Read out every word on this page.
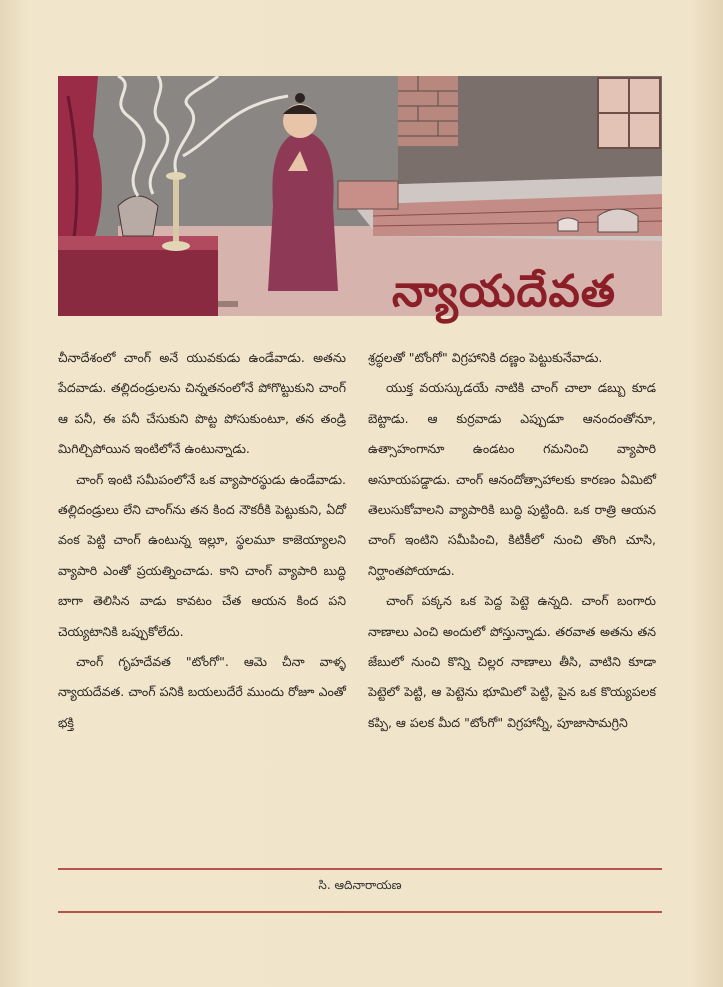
న్యాయదేవత

చీనాదేశంలో చాంగ్ అనే యువకుడు ఉండేవాడు. అతను పేదవాడు. తల్లిదండ్రులను చిన్నతనంలోనే పోగొట్టుకుని చాంగ్ ఆ పనీ, ఈ పనీ చేసుకుని పొట్ట పోసుకుంటూ, తన తండ్రి మిగిల్చిపోయిన ఇంటిలోనే ఉంటున్నాడు.

చాంగ్ ఇంటి సమీపంలోనే ఒక వ్యాపారస్థుడు ఉండేవాడు. తల్లిదండ్రులు లేని చాంగ్‌ను తన కింద నౌకరీకి పెట్టుకుని, ఏదో వంక పెట్టి చాంగ్ ఉంటున్న ఇల్లూ, స్థలమూ కాజెయ్యాలని వ్యాపారి ఎంతో ప్రయత్నించాడు. కాని చాంగ్ వ్యాపారి బుద్ధి బాగా తెలిసిన వాడు కావటం చేత ఆయన కింద పని చెయ్యటానికి ఒప్పుకోలేదు.

చాంగ్ గృహదేవత "టోంగో". ఆమె చీనా వాళ్ళ న్యాయదేవత. చాంగ్ పనికి బయలుదేరే ముందు రోజూ ఎంతో భక్తి

శ్రద్ధలతో "టోంగో" విగ్రహానికి దణ్ణం పెట్టుకునేవాడు.

యుక్త వయస్కుడయే నాటికి చాంగ్ చాలా డబ్బు కూడ బెట్టాడు. ఆ కుర్రవాడు ఎప్పుడూ ఆనందంతోనూ, ఉత్సాహంగానూ ఉండటం గమనించి వ్యాపారి అసూయపడ్డాడు. చాంగ్ ఆనందోత్సాహాలకు కారణం ఏమిటో తెలుసుకోవాలని వ్యాపారికి బుద్ధి పుట్టింది. ఒక రాత్రి ఆయన చాంగ్ ఇంటిని సమీపించి, కిటికీలో నుంచి తొంగి చూసి, నిర్ఘాంతపోయాడు.

చాంగ్ పక్కన ఒక పెద్ద పెట్టె ఉన్నది. చాంగ్ బంగారు నాణాలు ఎంచి అందులో పోస్తున్నాడు. తరవాత అతను తన జేబులో నుంచి కొన్ని చిల్లర నాణాలు తీసి, వాటిని కూడా పెట్టెలో పెట్టి, ఆ పెట్టెను భూమిలో పెట్టి, పైన ఒక కొయ్యపలక కప్పి, ఆ పలక మీద "టోంగో" విగ్రహాన్నీ, పూజాసామగ్రిని

సి. ఆదినారాయణ
